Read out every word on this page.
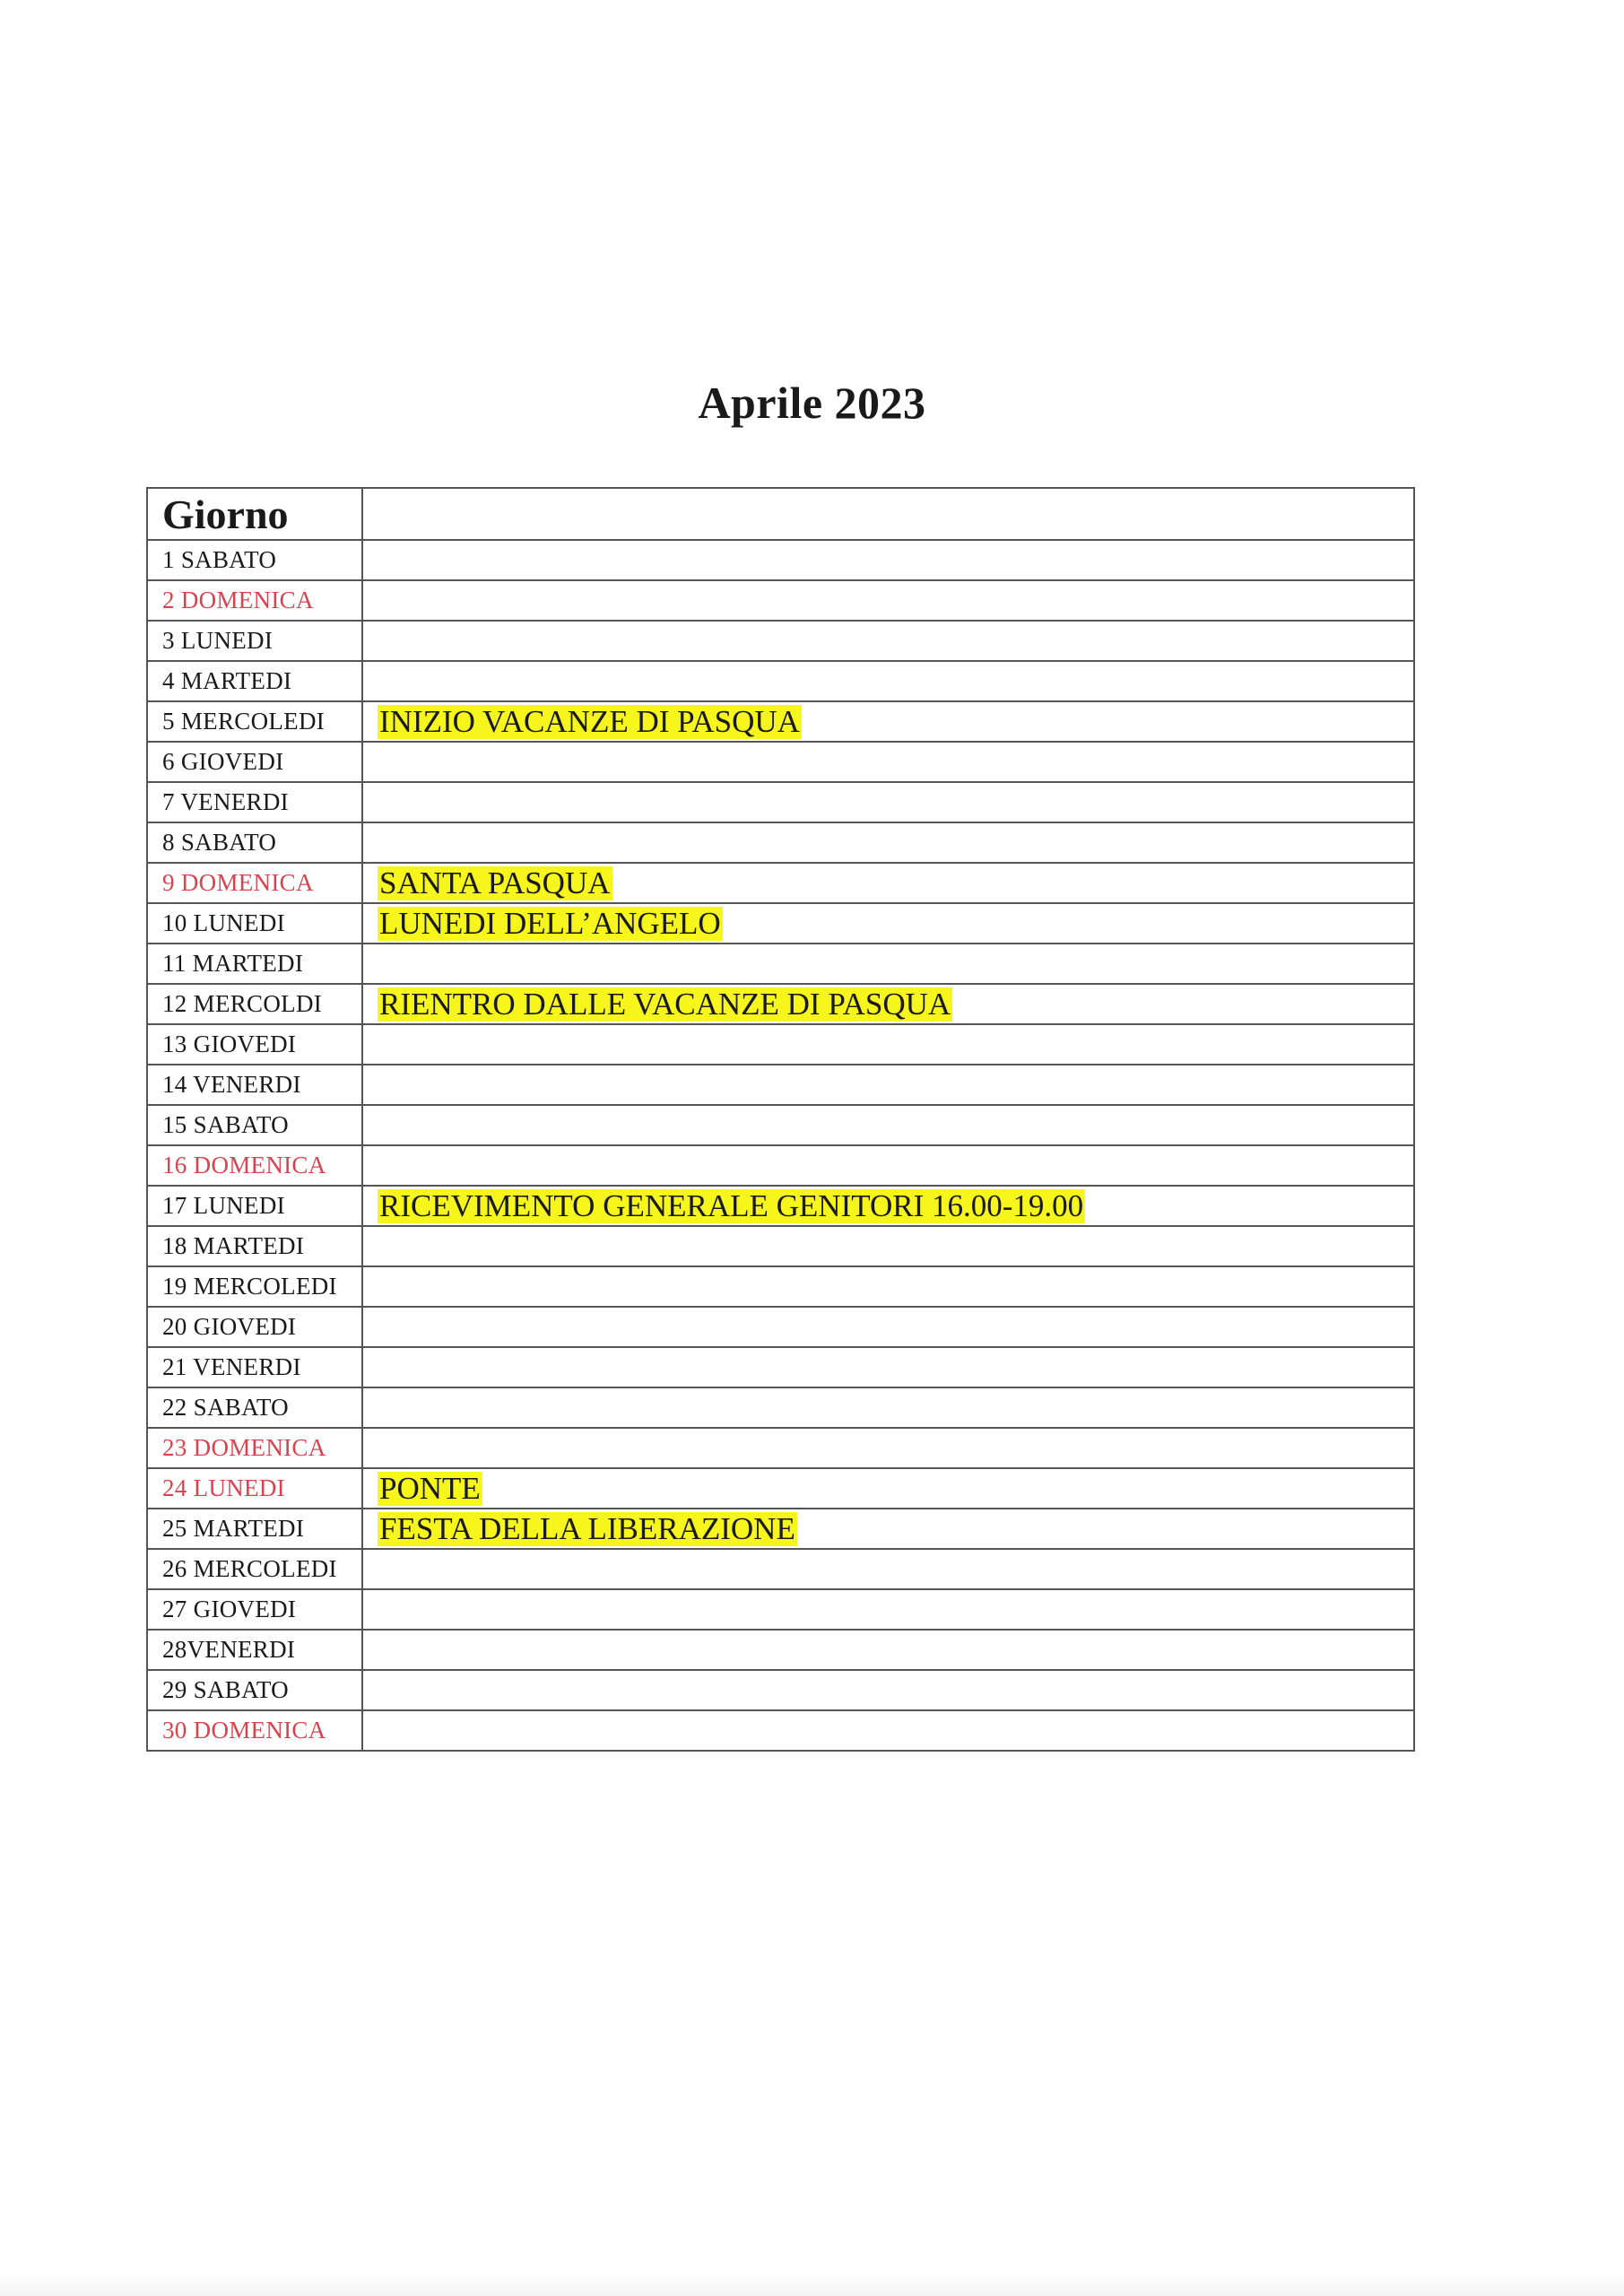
Aprile 2023
Giorno	
1 SABATO	
2 DOMENICA	
3 LUNEDI	
4 MARTEDI	
5 MERCOLEDI	INIZIO VACANZE DI PASQUA
6 GIOVEDI	
7 VENERDI	
8 SABATO	
9 DOMENICA	SANTA PASQUA
10 LUNEDI	LUNEDI DELL’ANGELO
11 MARTEDI	
12 MERCOLDI	RIENTRO DALLE VACANZE DI PASQUA
13 GIOVEDI	
14 VENERDI	
15 SABATO	
16 DOMENICA	
17 LUNEDI	RICEVIMENTO GENERALE GENITORI 16.00-19.00
18 MARTEDI	
19 MERCOLEDI	
20 GIOVEDI	
21 VENERDI	
22 SABATO	
23 DOMENICA	
24 LUNEDI	PONTE
25 MARTEDI	FESTA DELLA LIBERAZIONE
26 MERCOLEDI	
27 GIOVEDI	
28VENERDI	
29 SABATO	
30 DOMENICA	
